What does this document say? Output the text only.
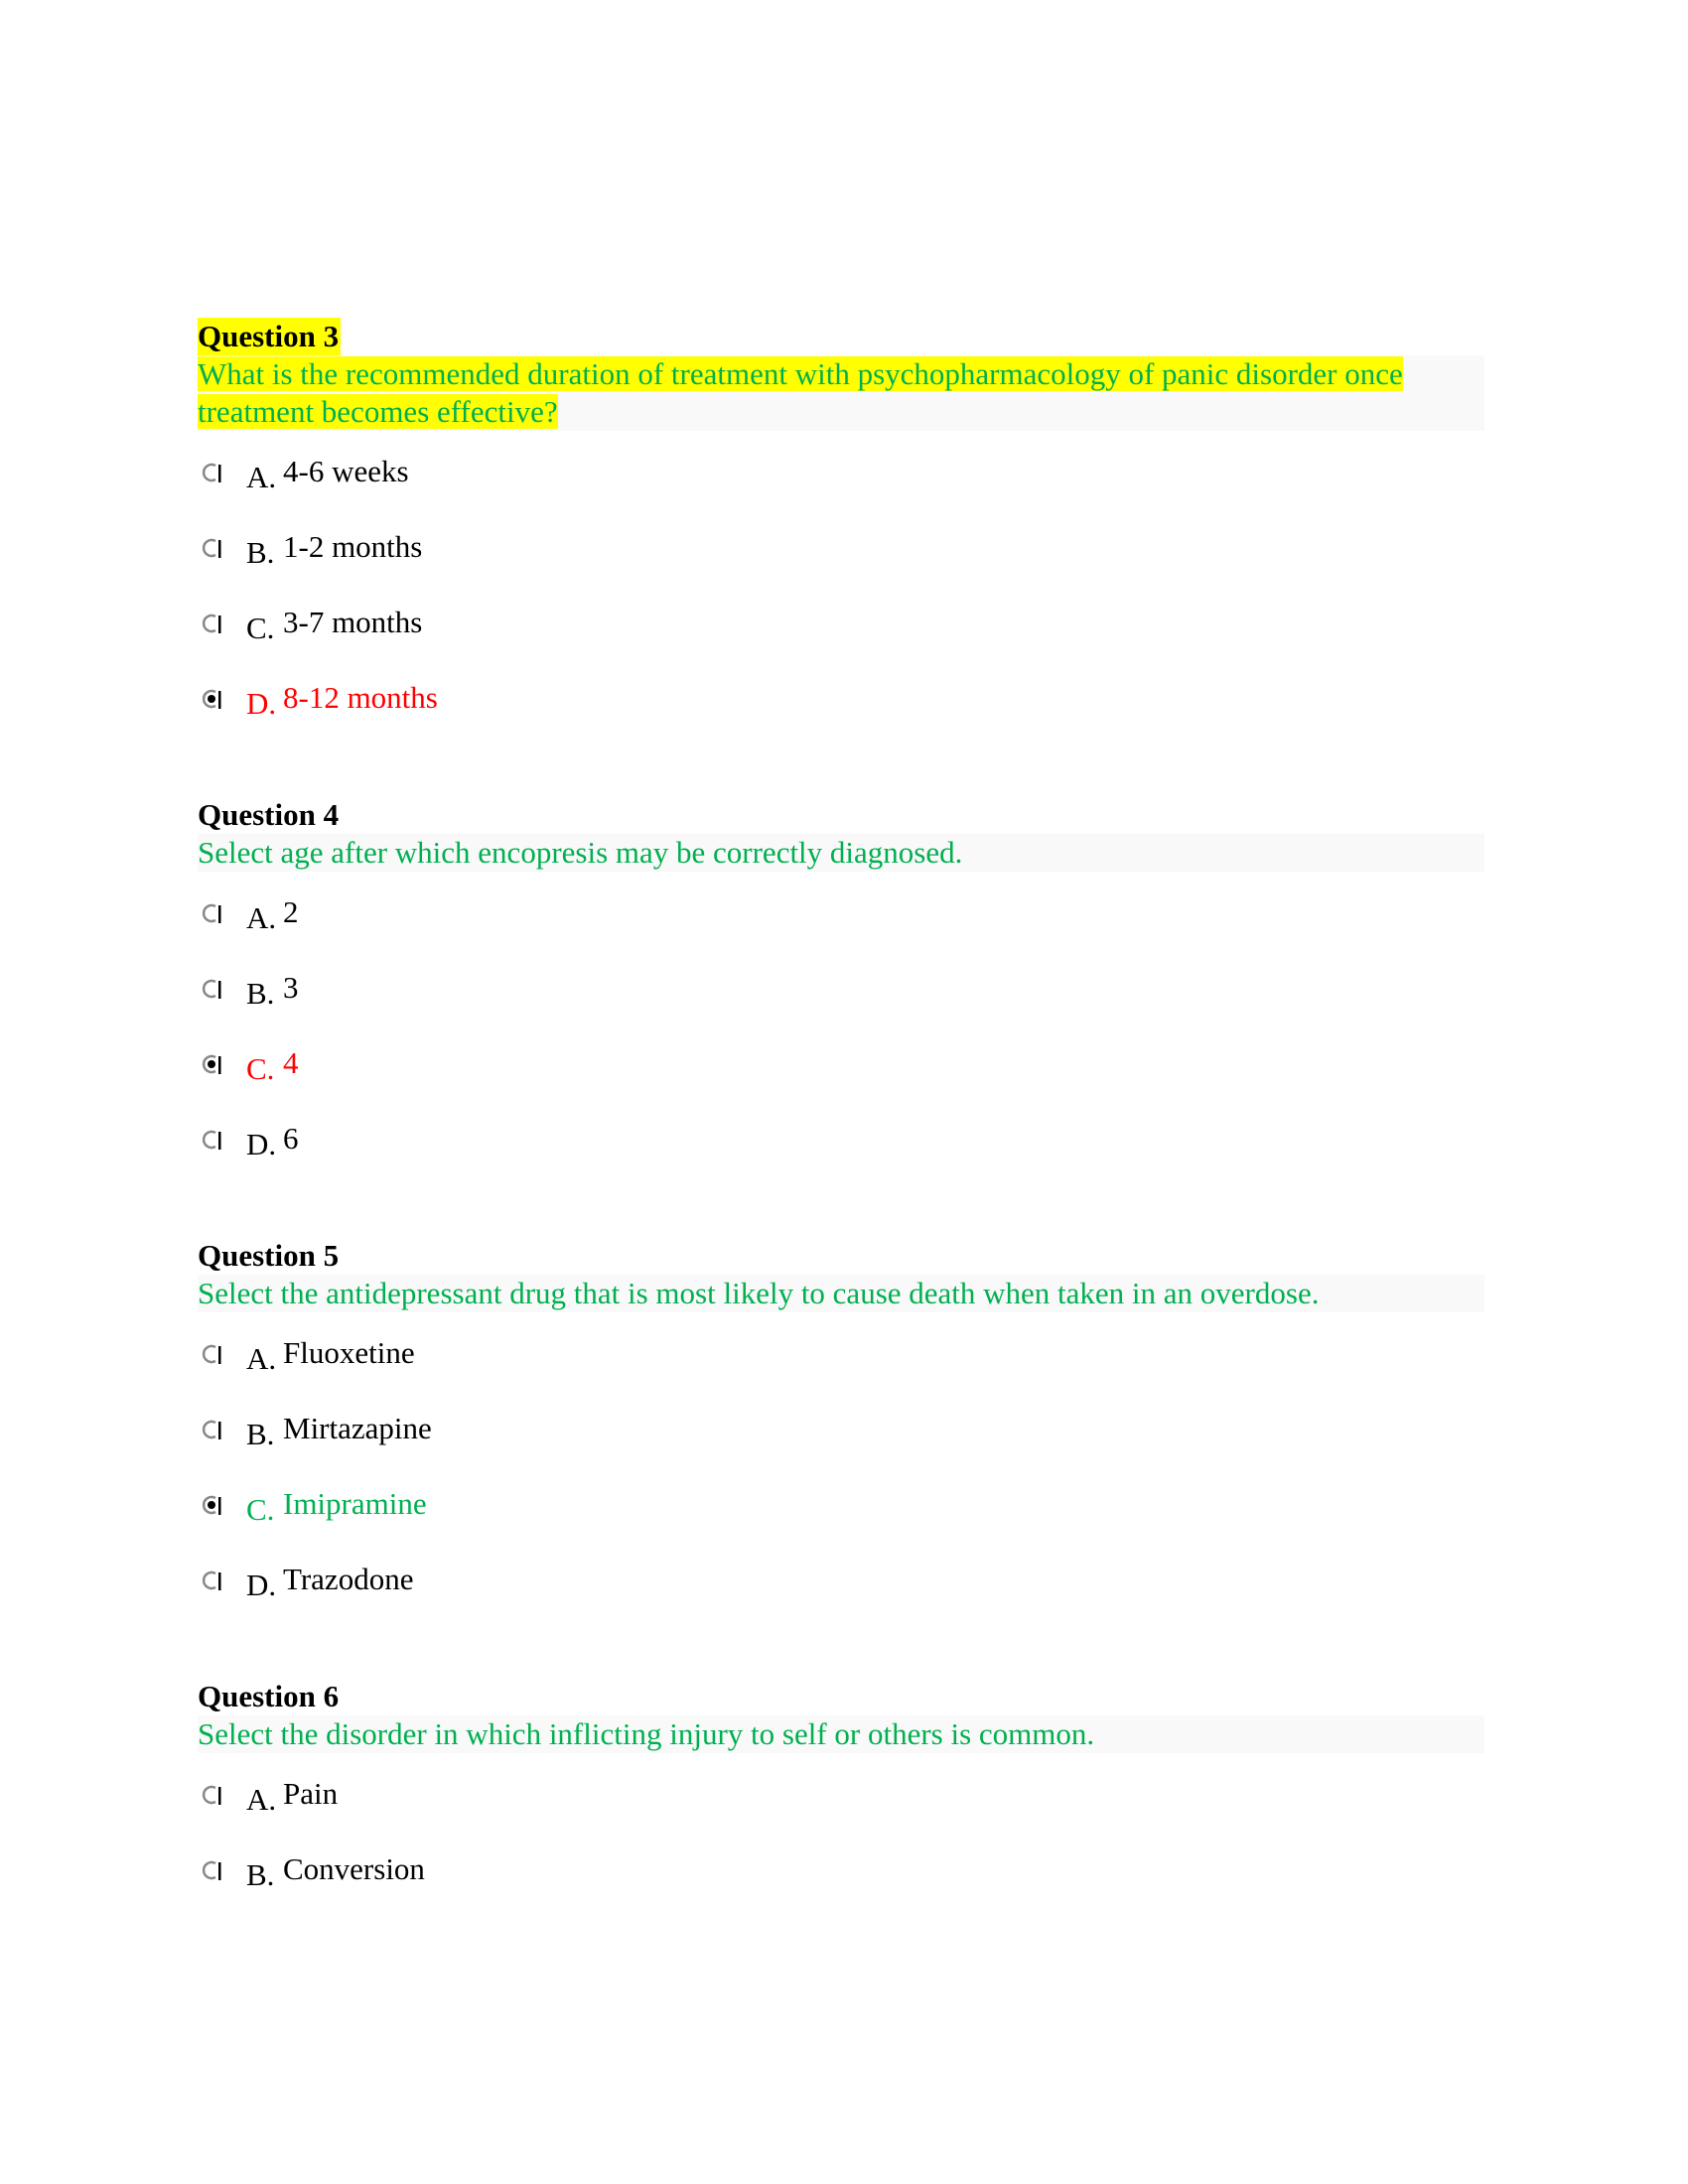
Question 3
What is the recommended duration of treatment with psychopharmacology of panic disorder once treatment becomes effective?
A. 4-6 weeks
B. 1-2 months
C. 3-7 months
D. 8-12 months
Question 4
Select age after which encopresis may be correctly diagnosed.
A. 2
B. 3
C. 4
D. 6
Question 5
Select the antidepressant drug that is most likely to cause death when taken in an overdose.
A. Fluoxetine
B. Mirtazapine
C. Imipramine
D. Trazodone
Question 6
Select the disorder in which inflicting injury to self or others is common.
A. Pain
B. Conversion
